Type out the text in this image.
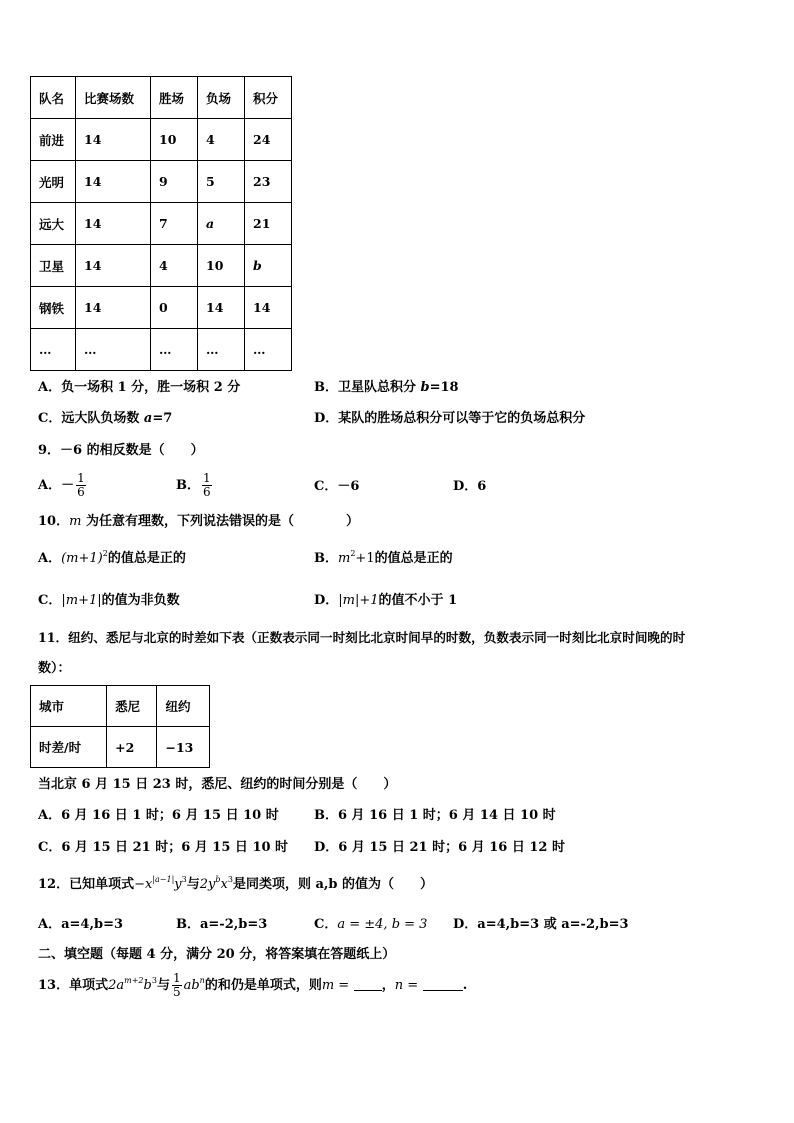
队名	比赛场数	胜场	负场	积分
前进	14	10	4	24
光明	14	9	5	23
远大	14	7	a	21
卫星	14	4	10	b
钢铁	14	0	14	14
…	…	…	…	…
A．负一场积 1 分，胜一场积 2 分	B．卫星队总积分 b=18
C．远大队负场数 a=7	D．某队的胜场总积分可以等于它的负场总积分
9．－6 的相反数是（　　）
A．－ $\frac{1}{6}$	B． $\frac{1}{6}$	C．－6	D．6
10．m 为任意有理数，下列说法错误的是（　　　　）
A．$(m+1)^2$的值总是正的	B．$m^2+1$的值总是正的
C．|m+1|的值为非负数	D．|m|+1的值不小于 1
11．纽约、悉尼与北京的时差如下表（正数表示同一时刻比北京时间早的时数，负数表示同一时刻比北京时间晚的时
数）：
城市	悉尼	纽约
时差/时	+2	−13
当北京 6 月 15 日 23 时，悉尼、纽约的时间分别是（　　）
A．6 月 16 日 1 时；6 月 15 日 10 时	B．6 月 16 日 1 时；6 月 14 日 10 时
C．6 月 15 日 21 时；6 月 15 日 10 时 D．6 月 15 日 21 时；6 月 16 日 12 时
12．已知单项式$-x^{|a-1|}y^3$与$2y^bx^3$是同类项，则 a,b 的值为（　　）
A．a=4,b=3	B．a=-2,b=3	C．a = ±4, b = 3 D．a=4,b=3 或 a=-2,b=3
二、填空题（每题 4 分，满分 20 分，将答案填在答题纸上）
13．单项式$2a^{m+2}b^3$与 $\frac{1}{5} ab^n$的和仍是单项式，则m =	，n =	.
